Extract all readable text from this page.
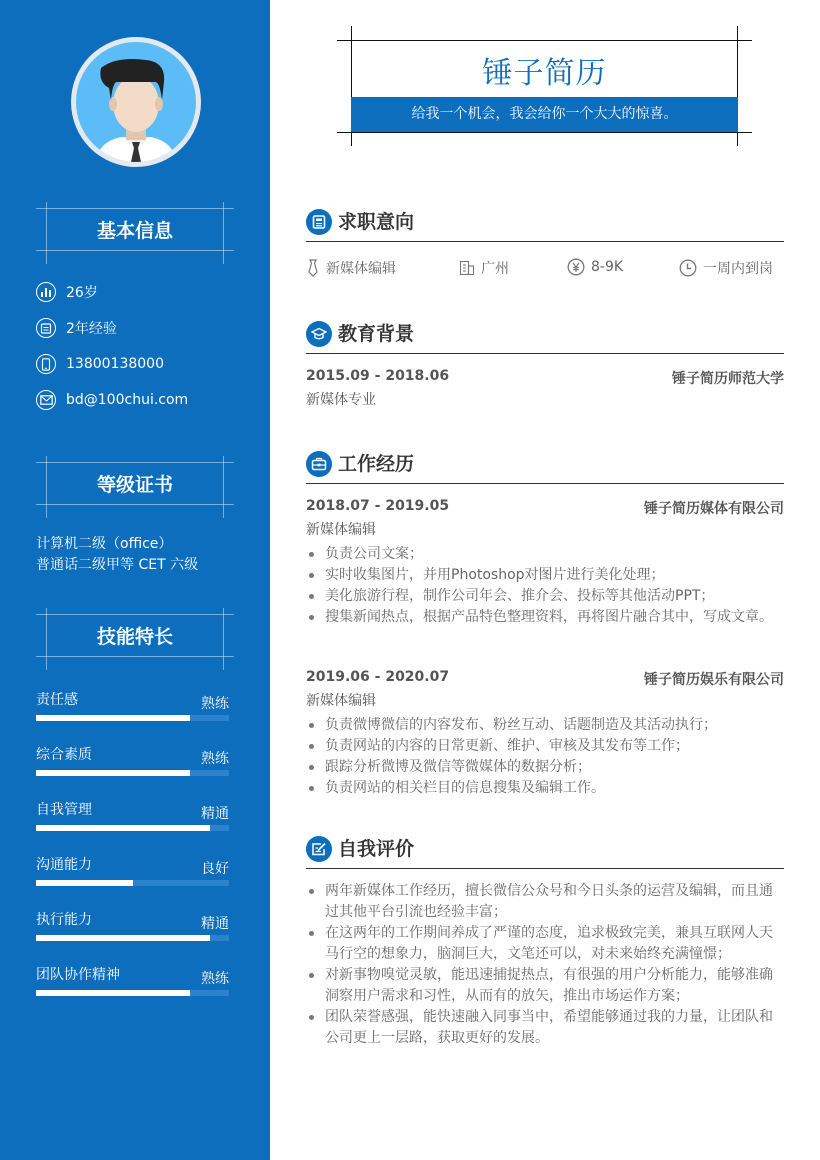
基本信息
26岁
2年经验
13800138000
bd@100chui.com
等级证书
计算机二级（office）
普通话二级甲等 CET 六级
技能特长
责任感	熟练
综合素质	熟练
自我管理	精通
沟通能力	良好
执行能力	精通
团队协作精神	熟练
锤子简历
给我一个机会，我会给你一个大大的惊喜。
求职意向
新媒体编辑	广州	8-9K	一周内到岗
教育背景
2015.09 - 2018.06	锤子简历师范大学
新媒体专业
工作经历
2018.07 - 2019.05	锤子简历媒体有限公司
新媒体编辑
负责公司文案；
实时收集图片，并用Photoshop对图片进行美化处理；
美化旅游行程，制作公司年会、推介会、投标等其他活动PPT；
搜集新闻热点，根据产品特色整理资料，再将图片融合其中，写成文章。
2019.06 - 2020.07	锤子简历娱乐有限公司
新媒体编辑
负责微博微信的内容发布、粉丝互动、话题制造及其活动执行；
负责网站的内容的日常更新、维护、审核及其发布等工作；
跟踪分析微博及微信等微媒体的数据分析；
负责网站的相关栏目的信息搜集及编辑工作。
自我评价
两年新媒体工作经历，擅长微信公众号和今日头条的运营及编辑，而且通过其他平台引流也经验丰富；
在这两年的工作期间养成了严谨的态度，追求极致完美，兼具互联网人天马行空的想象力，脑洞巨大，文笔还可以，对未来始终充满憧憬；
对新事物嗅觉灵敏，能迅速捕捉热点，有很强的用户分析能力，能够准确洞察用户需求和习性，从而有的放矢，推出市场运作方案；
团队荣誉感强，能快速融入同事当中，希望能够通过我的力量，让团队和公司更上一层路，获取更好的发展。
